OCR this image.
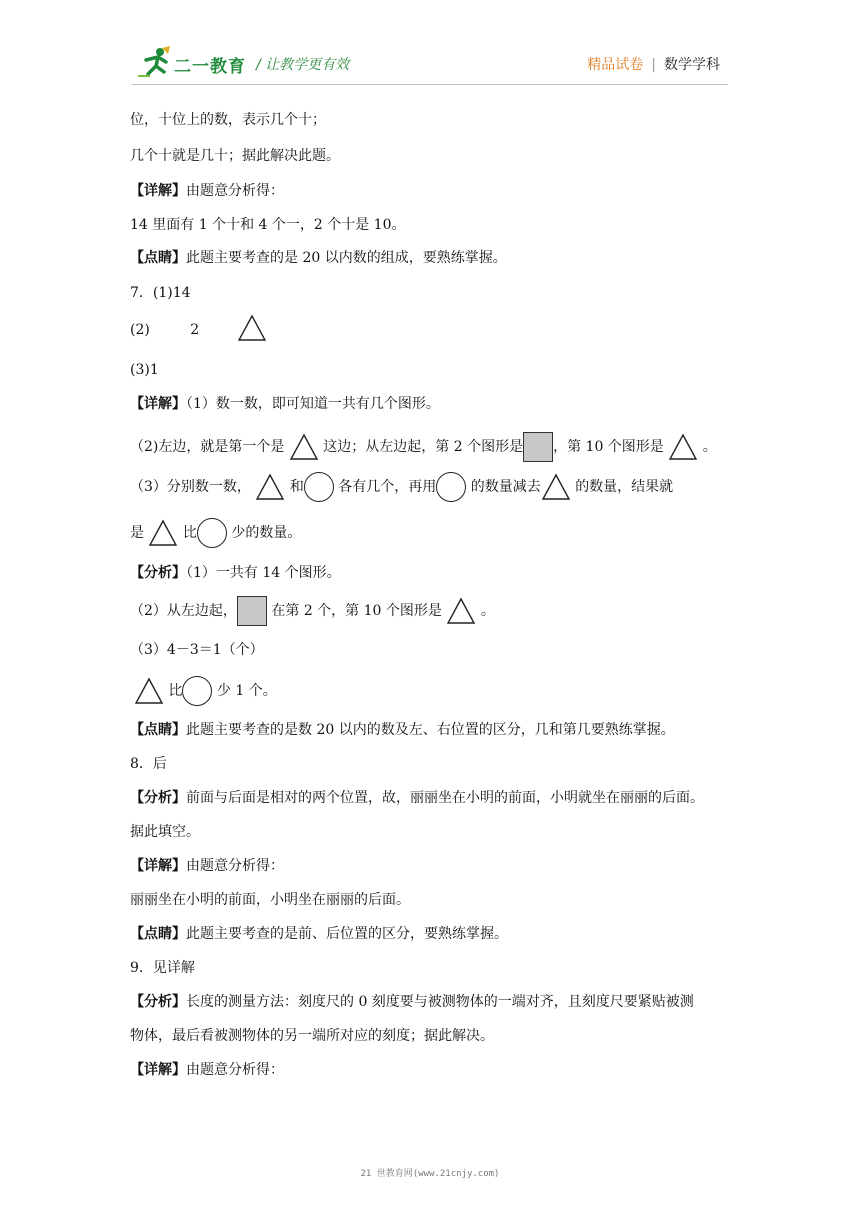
二一教育 / 让教学更有效	精品试卷 | 数学学科
位，十位上的数，表示几个十；
几个十就是几十；据此解决此题。
【详解】由题意分析得：
14 里面有 1 个十和 4 个一，2 个十是 10。
【点睛】此题主要考查的是 20 以内数的组成，要熟练掌握。
7．(1)14
(2)	2
(3)1
【详解】（1）数一数，即可知道一共有几个图形。
（2)左边，就是第一个是	这边；从左边起，第 2 个图形是 ，第 10 个图形是	。
（3）分别数一数，	和 各有几个，再用 的数量减去 的数量，结果就
是	比 少的数量。
【分析】（1）一共有 14 个图形。
（2）从左边起， 在第 2 个，第 10 个图形是	。
（3）4－3＝1（个）
比 少 1 个。
【点睛】此题主要考查的是数 20 以内的数及左、右位置的区分，几和第几要熟练掌握。
8．后
【分析】前面与后面是相对的两个位置，故，丽丽坐在小明的前面，小明就坐在丽丽的后面。
据此填空。
【详解】由题意分析得：
丽丽坐在小明的前面，小明坐在丽丽的后面。
【点睛】此题主要考查的是前、后位置的区分，要熟练掌握。
9．见详解
【分析】长度的测量方法：刻度尺的 0 刻度要与被测物体的一端对齐，且刻度尺要紧贴被测
物体，最后看被测物体的另一端所对应的刻度；据此解决。
【详解】由题意分析得：
21 世教育网(www.21cnjy.com)
